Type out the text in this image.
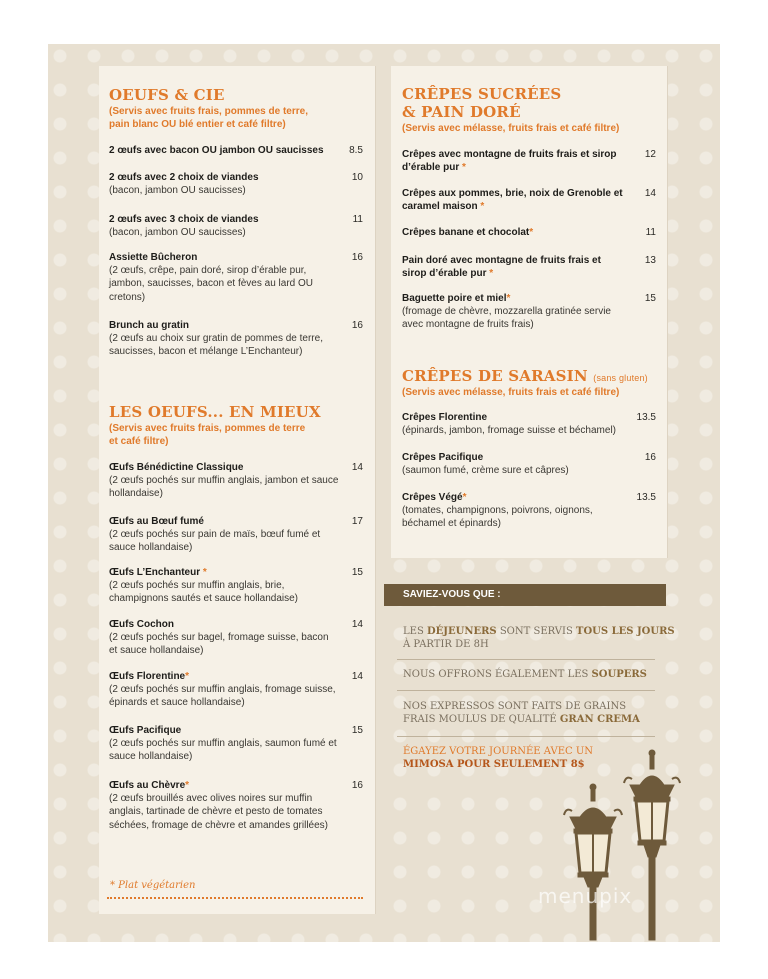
OEUFS & CIE
(Servis avec fruits frais, pommes de terre,
pain blanc OU blé entier et café filtre)
2 œufs avec bacon OU jambon OU saucisses	8.5
2 œufs avec 2 choix de viandes
(bacon, jambon OU saucisses)
10
2 œufs avec 3 choix de viandes
(bacon, jambon OU saucisses)
11
Assiette Bûcheron
(2 œufs, crêpe, pain doré, sirop d’érable pur, jambon, saucisses, bacon et fèves au lard OU cretons)
16
Brunch au gratin
(2 œufs au choix sur gratin de pommes de terre, saucisses, bacon et mélange L’Enchanteur)
16
LES OEUFS... EN MIEUX
(Servis avec fruits frais, pommes de terre
et café filtre)
Œufs Bénédictine Classique
(2 œufs pochés sur muffin anglais, jambon et sauce hollandaise)
14
Œufs au Bœuf fumé
(2 œufs pochés sur pain de maïs, bœuf fumé et sauce hollandaise)
17
Œufs L’Enchanteur *
(2 œufs pochés sur muffin anglais, brie, champignons sautés et sauce hollandaise)
15
Œufs Cochon
(2 œufs pochés sur bagel, fromage suisse, bacon et sauce hollandaise)
14
Œufs Florentine*
(2 œufs pochés sur muffin anglais, fromage suisse, épinards et sauce hollandaise)
14
Œufs Pacifique
(2 œufs pochés sur muffin anglais, saumon fumé et sauce hollandaise)
15
Œufs au Chèvre*
(2 œufs brouillés avec olives noires sur muffin anglais, tartinade de chèvre et pesto de tomates séchées, fromage de chèvre et amandes grillées)
16
* Plat végétarien
CRÊPES SUCRÉES
& PAIN DORÉ
(Servis avec mélasse, fruits frais et café filtre)
Crêpes avec montagne de fruits frais et sirop d’érable pur *
12
Crêpes aux pommes, brie, noix de Grenoble et caramel maison *
14
Crêpes banane et chocolat*	11
Pain doré avec montagne de fruits frais et sirop d’érable pur *
13
Baguette poire et miel*
(fromage de chèvre, mozzarella gratinée servie avec montagne de fruits frais)
15
CRÊPES DE SARASIN (sans gluten)
(Servis avec mélasse, fruits frais et café filtre)
Crêpes Florentine
(épinards, jambon, fromage suisse et béchamel)
13.5
Crêpes Pacifique
(saumon fumé, crème sure et câpres)
16
Crêpes Végé*
(tomates, champignons, poivrons, oignons, béchamel et épinards)
13.5
SAVIEZ-VOUS QUE :
LES DÉJEUNERS SONT SERVIS TOUS LES JOURS
À PARTIR DE 8H
NOUS OFFRONS ÉGALEMENT LES SOUPERS
NOS EXPRESSOS SONT FAITS DE GRAINS
FRAIS MOULUS DE QUALITÉ GRAN CREMA
ÉGAYEZ VOTRE JOURNÉE AVEC UN
MIMOSA POUR SEULEMENT 8$
menupix
